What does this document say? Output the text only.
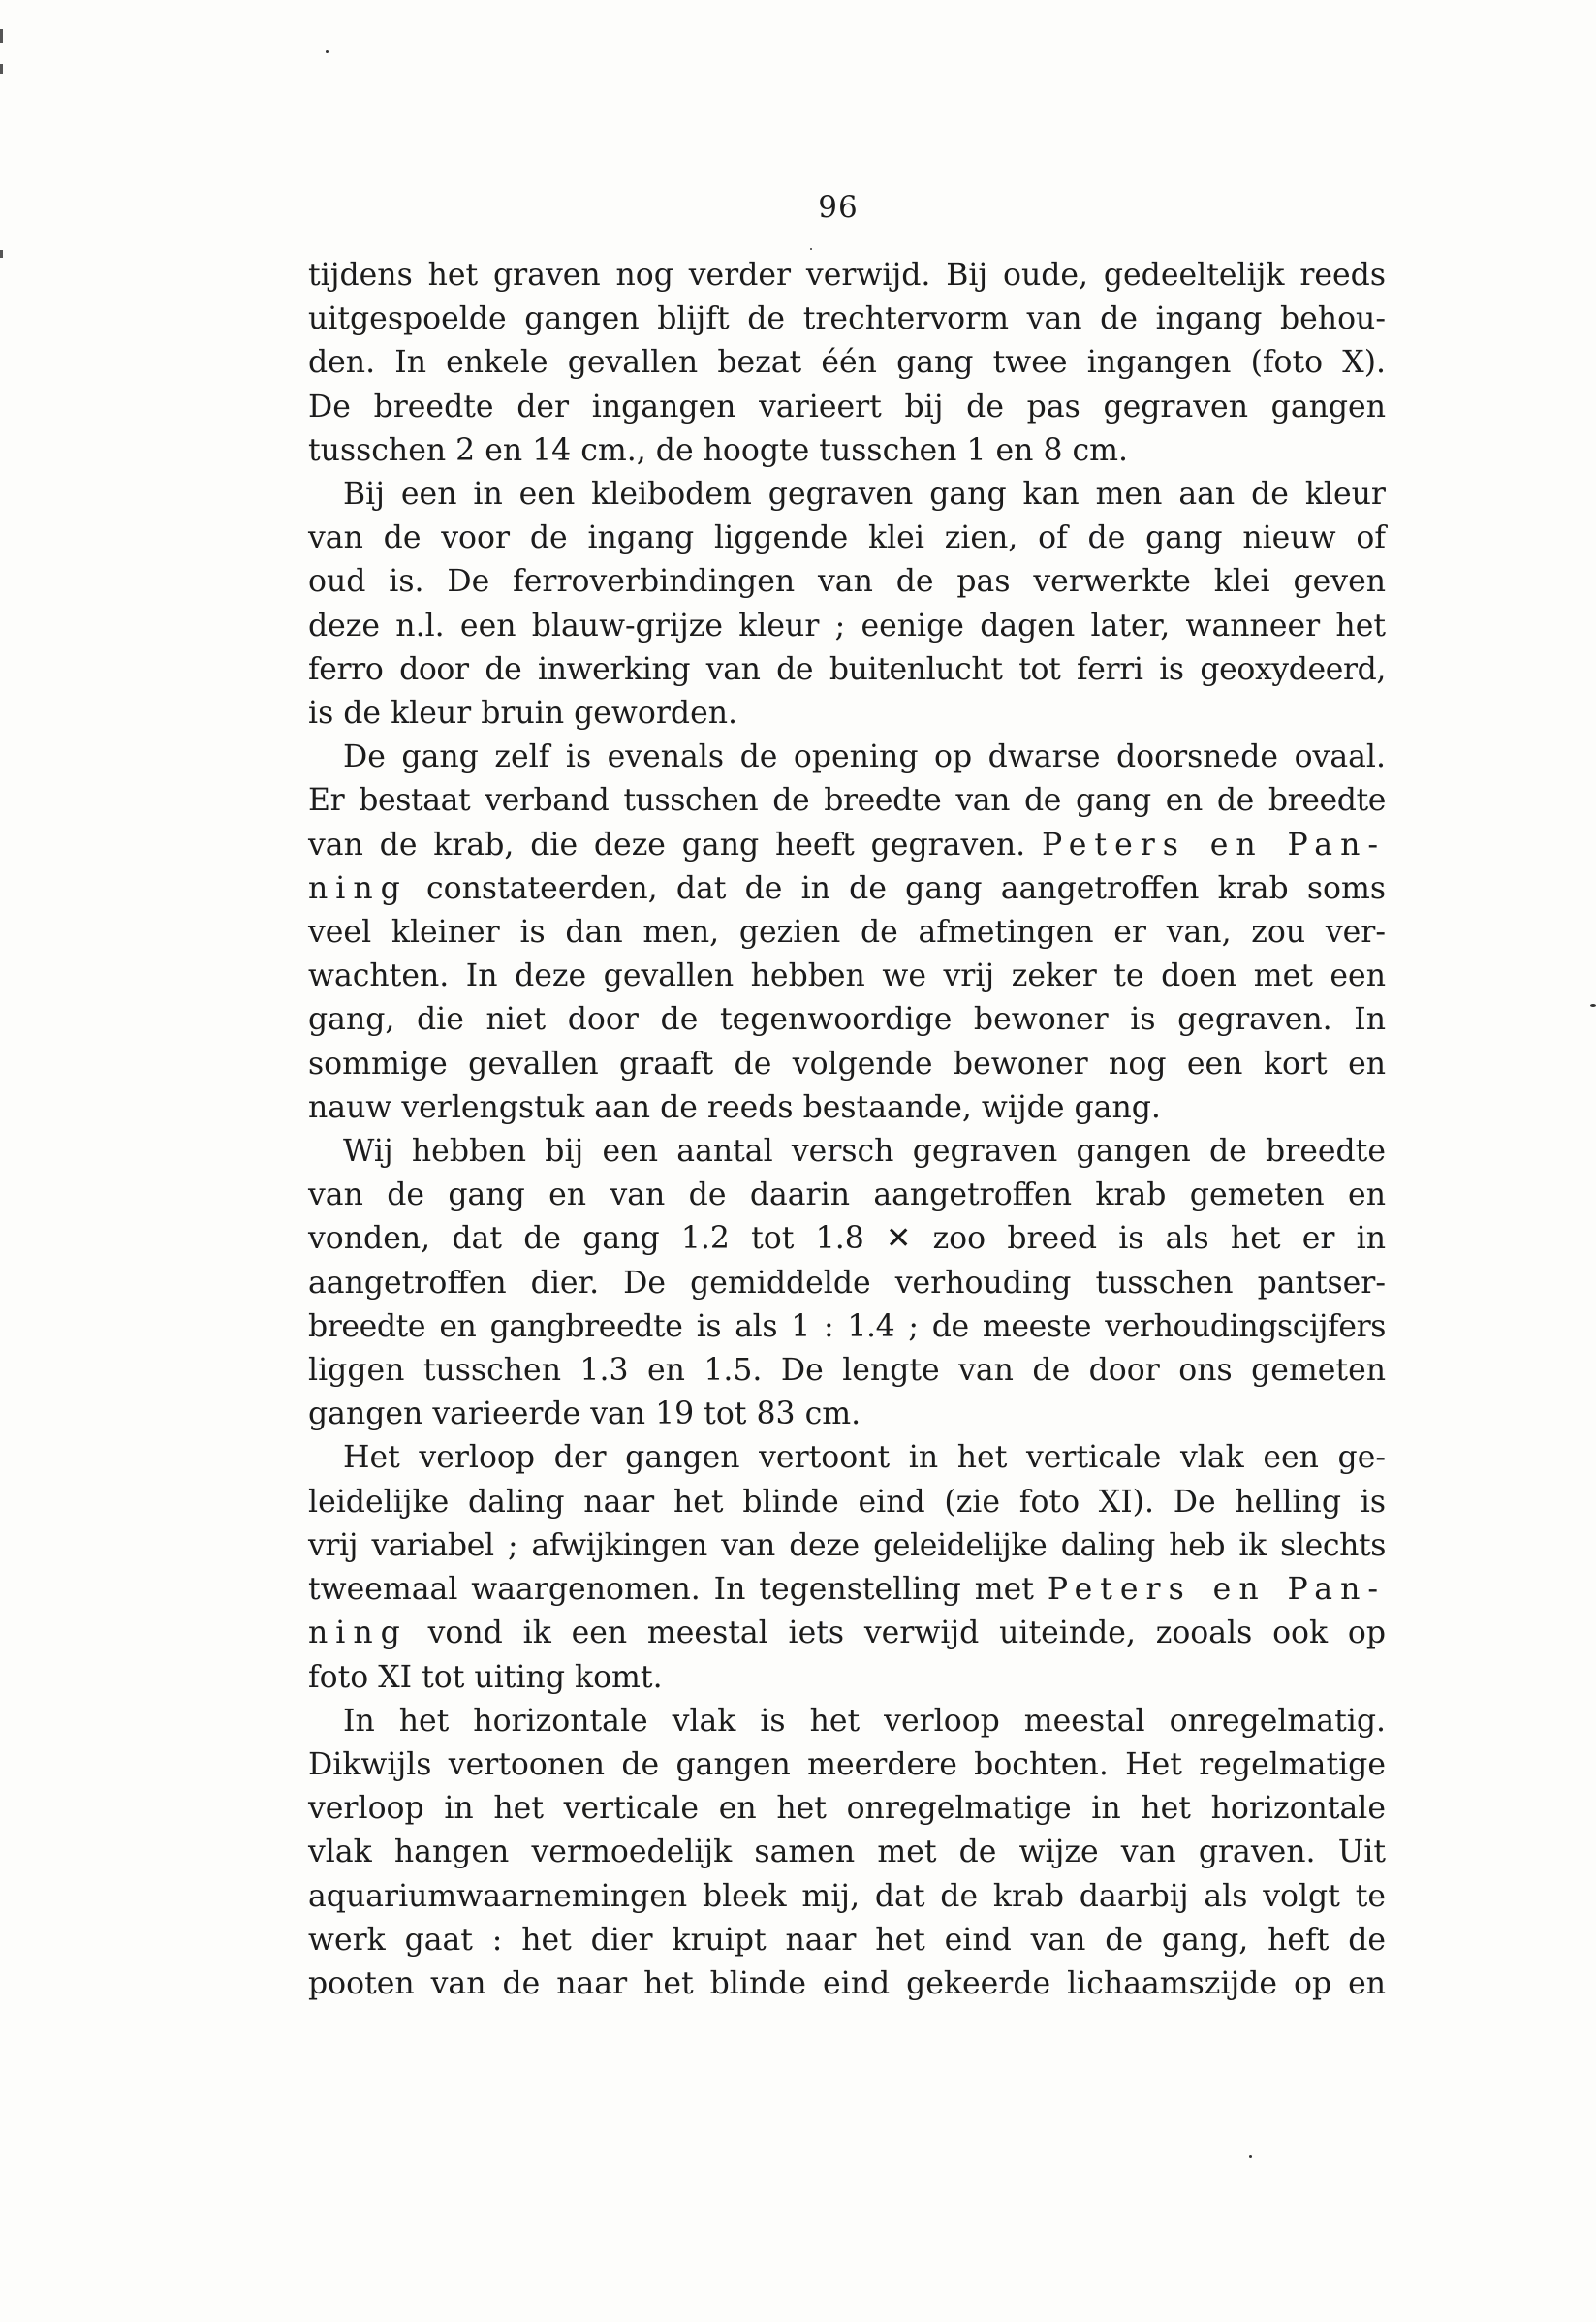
96
tijdens het graven nog verder verwijd. Bij oude, gedeeltelijk reeds
uitgespoelde gangen blijft de trechtervorm van de ingang behou-
den. In enkele gevallen bezat één gang twee ingangen (foto X).
De breedte der ingangen varieert bij de pas gegraven gangen
tusschen 2 en 14 cm., de hoogte tusschen 1 en 8 cm.
Bij een in een kleibodem gegraven gang kan men aan de kleur
van de voor de ingang liggende klei zien, of de gang nieuw of
oud is. De ferroverbindingen van de pas verwerkte klei geven
deze n.l. een blauw-grijze kleur ; eenige dagen later, wanneer het
ferro door de inwerking van de buitenlucht tot ferri is geoxydeerd,
is de kleur bruin geworden.
De gang zelf is evenals de opening op dwarse doorsnede ovaal.
Er bestaat verband tusschen de breedte van de gang en de breedte
van de krab, die deze gang heeft gegraven. Peters en Pan-
ning constateerden, dat de in de gang aangetroffen krab soms
veel kleiner is dan men, gezien de afmetingen er van, zou ver-
wachten. In deze gevallen hebben we vrij zeker te doen met een
gang, die niet door de tegenwoordige bewoner is gegraven. In
sommige gevallen graaft de volgende bewoner nog een kort en
nauw verlengstuk aan de reeds bestaande, wijde gang.
Wij hebben bij een aantal versch gegraven gangen de breedte
van de gang en van de daarin aangetroffen krab gemeten en
vonden, dat de gang 1.2 tot 1.8 ✕ zoo breed is als het er in
aangetroffen dier. De gemiddelde verhouding tusschen pantser-
breedte en gangbreedte is als 1 : 1.4 ; de meeste verhoudingscijfers
liggen tusschen 1.3 en 1.5. De lengte van de door ons gemeten
gangen varieerde van 19 tot 83 cm.
Het verloop der gangen vertoont in het verticale vlak een ge-
leidelijke daling naar het blinde eind (zie foto XI). De helling is
vrij variabel ; afwijkingen van deze geleidelijke daling heb ik slechts
tweemaal waargenomen. In tegenstelling met Peters en Pan-
ning vond ik een meestal iets verwijd uiteinde, zooals ook op
foto XI tot uiting komt.
In het horizontale vlak is het verloop meestal onregelmatig.
Dikwijls vertoonen de gangen meerdere bochten. Het regelmatige
verloop in het verticale en het onregelmatige in het horizontale
vlak hangen vermoedelijk samen met de wijze van graven. Uit
aquariumwaarnemingen bleek mij, dat de krab daarbij als volgt te
werk gaat : het dier kruipt naar het eind van de gang, heft de
pooten van de naar het blinde eind gekeerde lichaamszijde op en
